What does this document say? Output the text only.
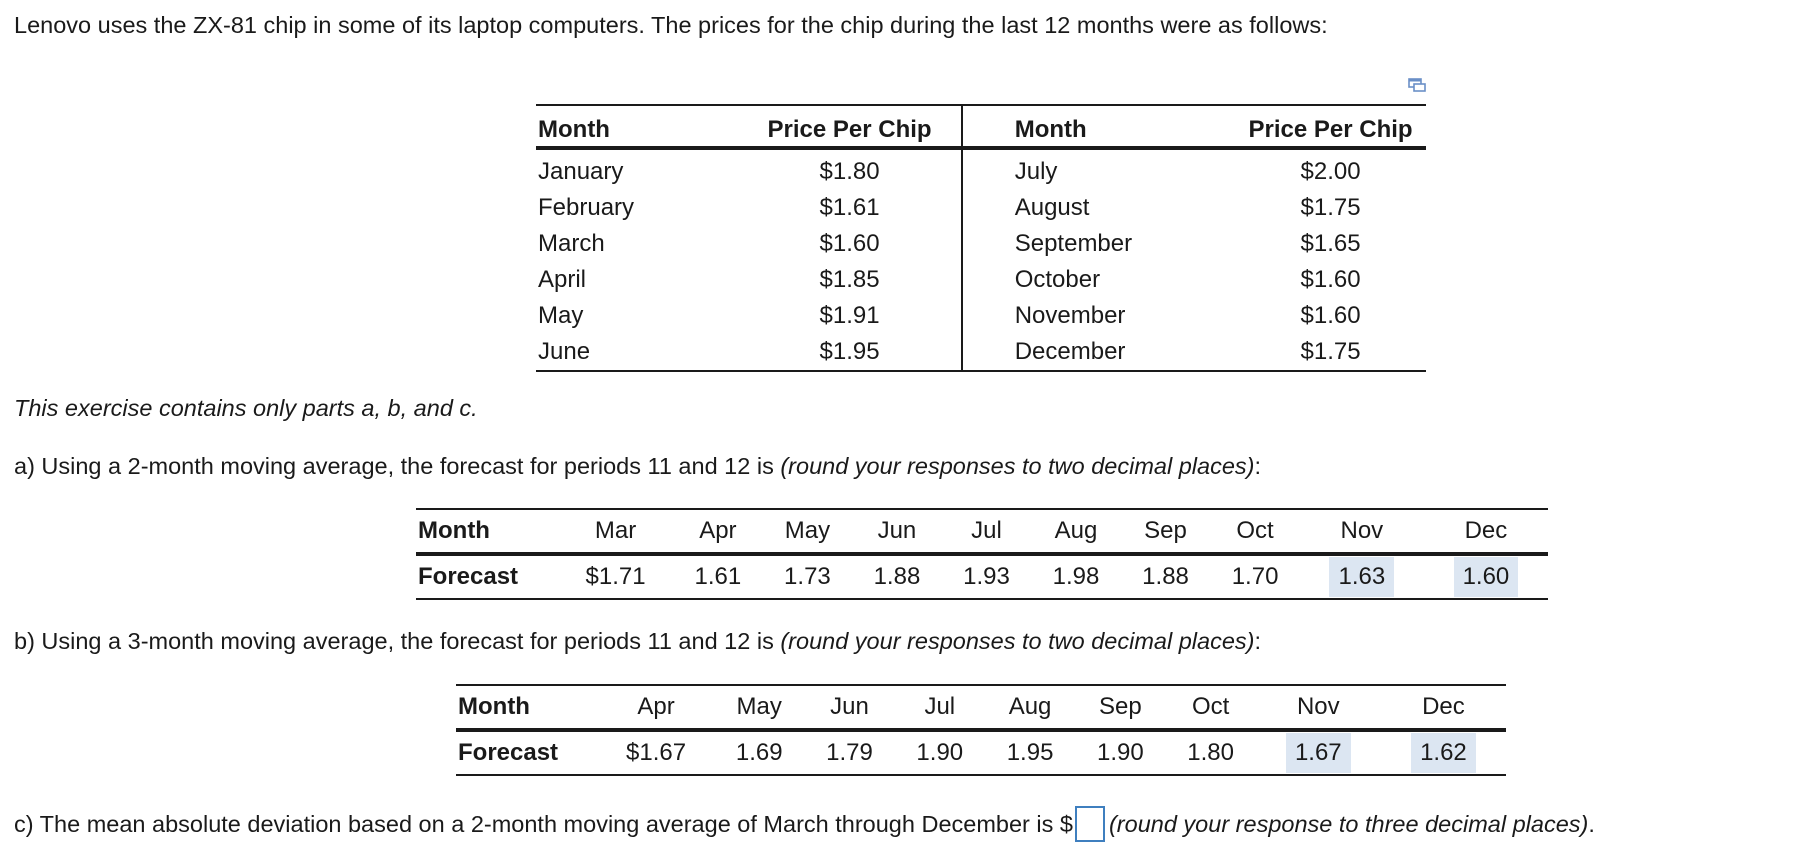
Lenovo uses the ZX-81 chip in some of its laptop computers. The prices for the chip during the last 12 months were as follows:
Month	Price Per Chip	Month	Price Per Chip
January	$1.80	July	$2.00
February	$1.61	August	$1.75
March	$1.60	September	$1.65
April	$1.85	October	$1.60
May	$1.91	November	$1.60
June	$1.95	December	$1.75
This exercise contains only parts a, b, and c.
a) Using a 2-month moving average, the forecast for periods 11 and 12 is (round your responses to two decimal places):
Month	Mar	Apr	May	Jun	Jul	Aug	Sep	Oct	Nov	Dec
Forecast	$1.71	1.61	1.73	1.88	1.93	1.98	1.88	1.70	1.63	1.60
b) Using a 3-month moving average, the forecast for periods 11 and 12 is (round your responses to two decimal places):
Month	Apr	May	Jun	Jul	Aug	Sep	Oct	Nov	Dec
Forecast	$1.67	1.69	1.79	1.90	1.95	1.90	1.80	1.67	1.62
c) The mean absolute deviation based on a 2-month moving average of March through December is $ (round your response to three decimal places).
